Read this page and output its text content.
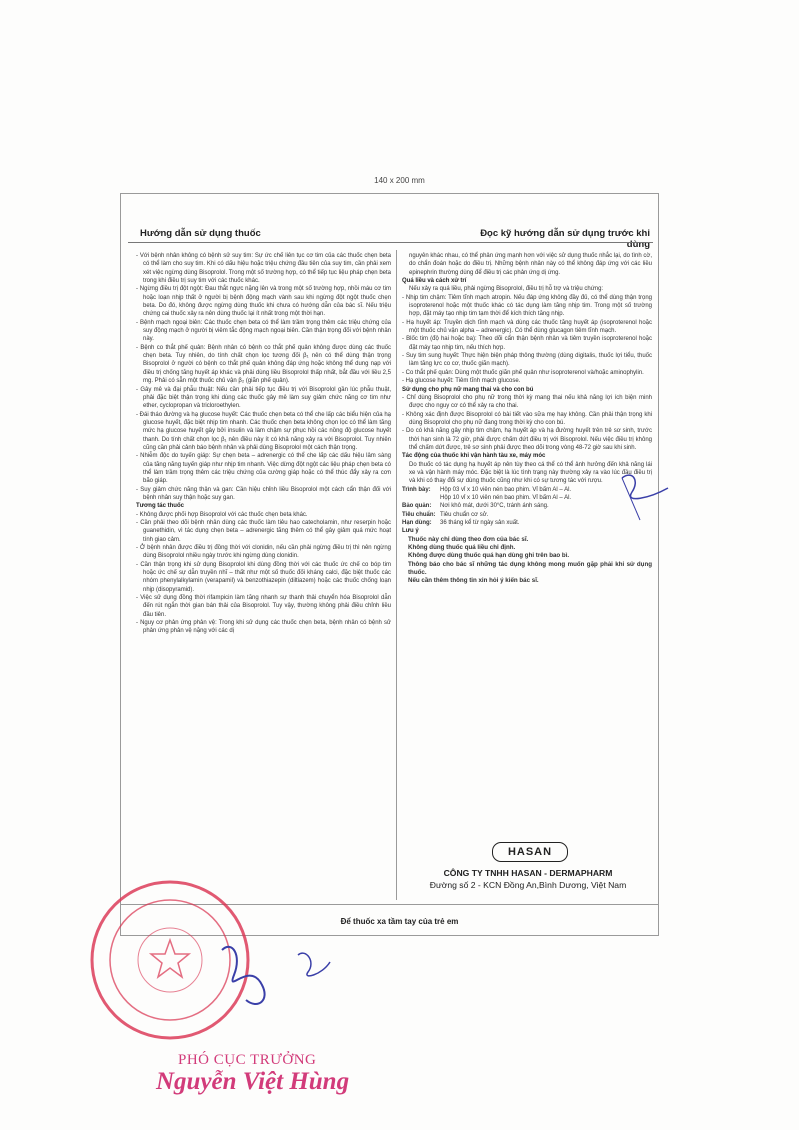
140 x 200 mm
Hướng dẫn sử dụng thuốc	Đọc kỹ hướng dẫn sử dụng trước khi dùng

- Với bệnh nhân không có bệnh sử suy tim: Sự ức chế liên tục cơ tim của các thuốc chẹn beta có thể làm cho suy tim. Khi có dấu hiệu hoặc triệu chứng đầu tiên của suy tim, cần phải xem xét việc ngừng dùng Bisoprolol. Trong một số trường hợp, có thể tiếp tục liệu pháp chẹn beta trong khi điều trị suy tim với các thuốc khác.

- Ngừng điều trị đột ngột: Đau thắt ngực nặng lên và trong một số trường hợp, nhồi máu cơ tim hoặc loạn nhịp thất ở người bị bệnh động mạch vành sau khi ngừng đột ngột thuốc chẹn beta. Do đó, không được ngừng dùng thuốc khi chưa có hướng dẫn của bác sĩ. Nếu triệu chứng cai thuốc xảy ra nên dùng thuốc lại ít nhất trong một thời hạn.

- Bệnh mạch ngoại biên: Các thuốc chẹn beta có thể làm trầm trọng thêm các triệu chứng của suy động mạch ở người bị viêm tắc động mạch ngoại biên. Cần thận trọng đối với bệnh nhân này.

- Bệnh co thắt phế quản: Bệnh nhân có bệnh co thắt phế quản không được dùng các thuốc chẹn beta. Tuy nhiên, do tính chất chọn lọc tương đối β₁ nên có thể dùng thận trọng Bisoprolol ở người có bệnh co thắt phế quản không đáp ứng hoặc không thể dung nạp với điều trị chống tăng huyết áp khác và phải dùng liều Bisoprolol thấp nhất, bắt đầu với liều 2,5 mg. Phải có sẵn một thuốc chủ vận β₂ (giãn phế quản).

- Gây mê và đại phẫu thuật: Nếu cần phải tiếp tục điều trị với Bisoprolol gần lúc phẫu thuật, phải đặc biệt thận trọng khi dùng các thuốc gây mê làm suy giảm chức năng cơ tim như ether, cyclopropan và tricloroethylen.

- Đái tháo đường và hạ glucose huyết: Các thuốc chẹn beta có thể che lấp các biểu hiện của hạ glucose huyết, đặc biệt nhịp tim nhanh. Các thuốc chẹn beta không chọn lọc có thể làm tăng mức hạ glucose huyết gây bởi insulin và làm chậm sự phục hồi các nồng độ glucose huyết thanh. Do tính chất chọn lọc β₁ nên điều này ít có khả năng xảy ra với Bisoprolol. Tuy nhiên cũng cần phải cảnh báo bệnh nhân và phải dùng Bisoprolol một cách thận trọng.

- Nhiễm độc do tuyến giáp: Sự chẹn beta – adrenergic có thể che lấp các dấu hiệu lâm sàng của tăng năng tuyến giáp như nhịp tim nhanh. Việc dừng đột ngột các liệu pháp chẹn beta có thể làm trầm trọng thêm các triệu chứng của cường giáp hoặc có thể thúc đẩy xảy ra cơn bão giáp.

- Suy giảm chức năng thận và gan: Cần hiệu chỉnh liều Bisoprolol một cách cẩn thận đối với bệnh nhân suy thận hoặc suy gan.

Tương tác thuốc

- Không được phối hợp Bisoprolol với các thuốc chẹn beta khác.

- Cần phải theo dõi bệnh nhân dùng các thuốc làm tiêu hao catecholamin, như reserpin hoặc guanethidin, vì tác dụng chẹn beta – adrenergic tăng thêm có thể gây giảm quá mức hoạt tính giao cảm.

- Ở bệnh nhân được điều trị đồng thời với clonidin, nếu cần phải ngừng điều trị thì nên ngừng dùng Bisoprolol nhiều ngày trước khi ngừng dùng clonidin.

- Cần thận trọng khi sử dụng Bisoprolol khi dùng đồng thời với các thuốc ức chế co bóp tim hoặc ức chế sự dẫn truyền nhĩ – thất như một số thuốc đối kháng calci, đặc biệt thuốc các nhóm phenylalkylamin (verapamil) và benzothiazepin (diltiazem) hoặc các thuốc chống loạn nhịp (disopyramid).

- Việc sử dụng đồng thời rifampicin làm tăng nhanh sự thanh thải chuyển hóa Bisoprolol dẫn đến rút ngắn thời gian bán thải của Bisoprolol. Tuy vậy, thường không phải điều chỉnh liều đầu tiên.

- Nguy cơ phản ứng phản vệ: Trong khi sử dụng các thuốc chẹn beta, bệnh nhân có bệnh sử phản ứng phản vệ nặng với các dị

nguyên khác nhau, có thể phản ứng mạnh hơn với việc sử dụng thuốc nhắc lại, do tình cờ, do chẩn đoán hoặc do điều trị. Những bệnh nhân này có thể không đáp ứng với các liều epinephrin thường dùng để điều trị các phản ứng dị ứng.

Quá liều và cách xử trí

Nếu xảy ra quá liều, phải ngừng Bisoprolol, điều trị hỗ trợ và triệu chứng:

- Nhịp tim chậm: Tiêm tĩnh mạch atropin. Nếu đáp ứng không đầy đủ, có thể dùng thận trọng isoproterenol hoặc một thuốc khác có tác dụng làm tăng nhịp tim. Trong một số trường hợp, đặt máy tạo nhịp tim tạm thời để kích thích tăng nhịp.

- Hạ huyết áp: Truyền dịch tĩnh mạch và dùng các thuốc tăng huyết áp (isoproterenol hoặc một thuốc chủ vận alpha – adrenergic). Có thể dùng glucagon tiêm tĩnh mạch.

- Blốc tim (độ hai hoặc ba): Theo dõi cẩn thận bệnh nhân và tiêm truyền isoproterenol hoặc đặt máy tạo nhịp tim, nếu thích hợp.

- Suy tim sung huyết: Thực hiện biện pháp thông thường (dùng digitalis, thuốc lợi tiểu, thuốc làm tăng lực co cơ, thuốc giãn mạch).

- Co thắt phế quản: Dùng một thuốc giãn phế quản như isoproterenol và/hoặc aminophylin.

- Hạ glucose huyết: Tiêm tĩnh mạch glucose.

Sử dụng cho phụ nữ mang thai và cho con bú

- Chỉ dùng Bisoprolol cho phụ nữ trong thời kỳ mang thai nếu khả năng lợi ích biện minh được cho nguy cơ có thể xảy ra cho thai.

- Không xác định được Bisoprolol có bài tiết vào sữa mẹ hay không. Cần phải thận trọng khi dùng Bisoprolol cho phụ nữ đang trong thời kỳ cho con bú.

- Do có khả năng gây nhịp tim chậm, hạ huyết áp và hạ đường huyết trên trẻ sơ sinh, trước thời hạn sinh là 72 giờ, phải được chấm dứt điều trị với Bisoprolol. Nếu việc điều trị không thể chấm dứt được, trẻ sơ sinh phải được theo dõi trong vòng 48-72 giờ sau khi sinh.

Tác động của thuốc khi vận hành tàu xe, máy móc

Do thuốc có tác dụng hạ huyết áp nên tùy theo cá thể có thể ảnh hưởng đến khả năng lái xe và vận hành máy móc. Đặc biệt là lúc tình trạng này thường xảy ra vào lúc đầu điều trị và khi có thay đổi sự dùng thuốc cũng như khi có sự tương tác với rượu.

Trình bày:	Hộp 03 vỉ x 10 viên nén bao phim. Vỉ bấm Al – Al.
Hộp 10 vỉ x 10 viên nén bao phim. Vỉ bấm Al – Al.
Bảo quản:	Nơi khô mát, dưới 30°C, tránh ánh sáng.
Tiêu chuẩn: Tiêu chuẩn cơ sở.
Hạn dùng:	36 tháng kể từ ngày sản xuất.

Lưu ý

Thuốc này chỉ dùng theo đơn của bác sĩ.

Không dùng thuốc quá liều chỉ định.

Không được dùng thuốc quá hạn dùng ghi trên bao bì.

Thông báo cho bác sĩ những tác dụng không mong muốn gặp phải khi sử dụng thuốc.

Nếu cần thêm thông tin xin hỏi ý kiến bác sĩ.

HASAN
CÔNG TY TNHH HASAN - DERMAPHARM
Đường số 2 - KCN Đồng An,Bình Dương, Việt Nam
Để thuốc xa tầm tay của trẻ em
PHÓ CỤC TRƯỞNG
Nguyễn Việt Hùng
